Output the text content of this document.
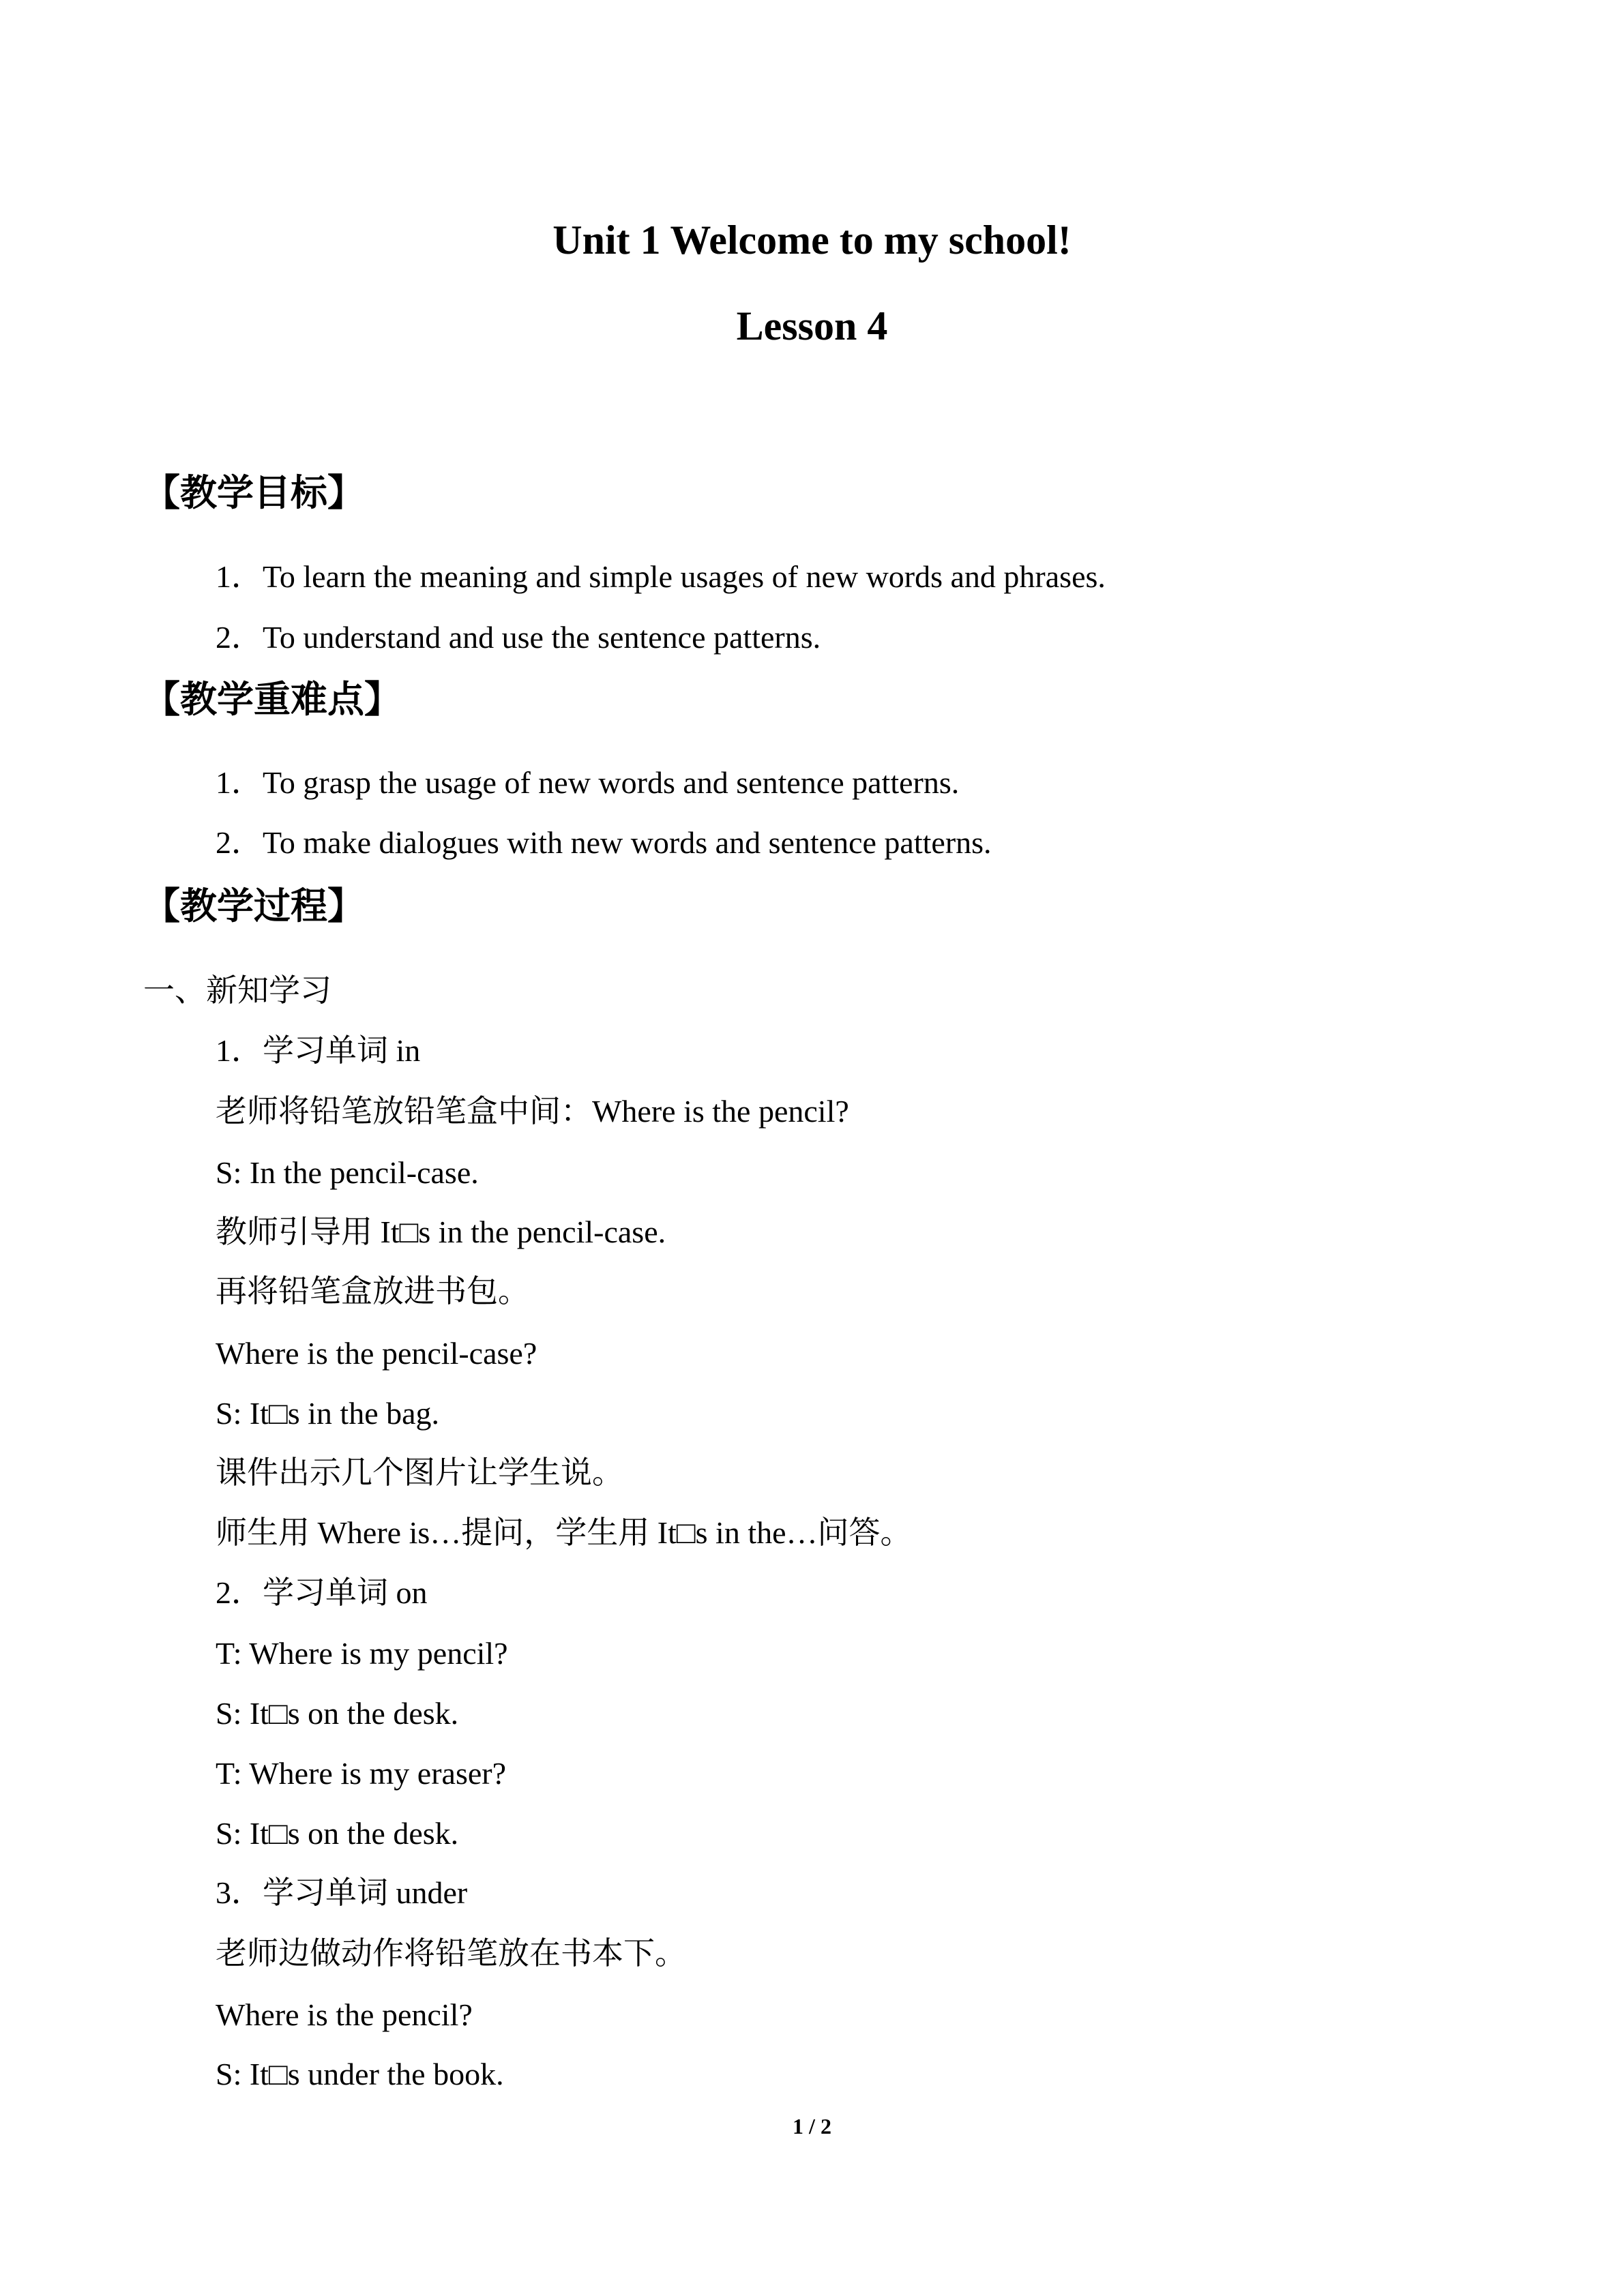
Unit 1 Welcome to my school!
Lesson 4
【教学目标】
1．To learn the meaning and simple usages of new words and phrases.
2．To understand and use the sentence patterns.
【教学重难点】
1．To grasp the usage of new words and sentence patterns.
2．To make dialogues with new words and sentence patterns.
【教学过程】
一、新知学习
1．学习单词 in
老师将铅笔放铅笔盒中间：Where is the pencil?
S: In the pencil-case.
教师引导用 It□s in the pencil-case.
再将铅笔盒放进书包。
Where is the pencil-case?
S: It□s in the bag.
课件出示几个图片让学生说。
师生用 Where is…提问，学生用 It□s in the…问答。
2．学习单词 on
T: Where is my pencil?
S: It□s on the desk.
T: Where is my eraser?
S: It□s on the desk.
3．学习单词 under
老师边做动作将铅笔放在书本下。
Where is the pencil?
S: It□s under the book.
1 / 2
